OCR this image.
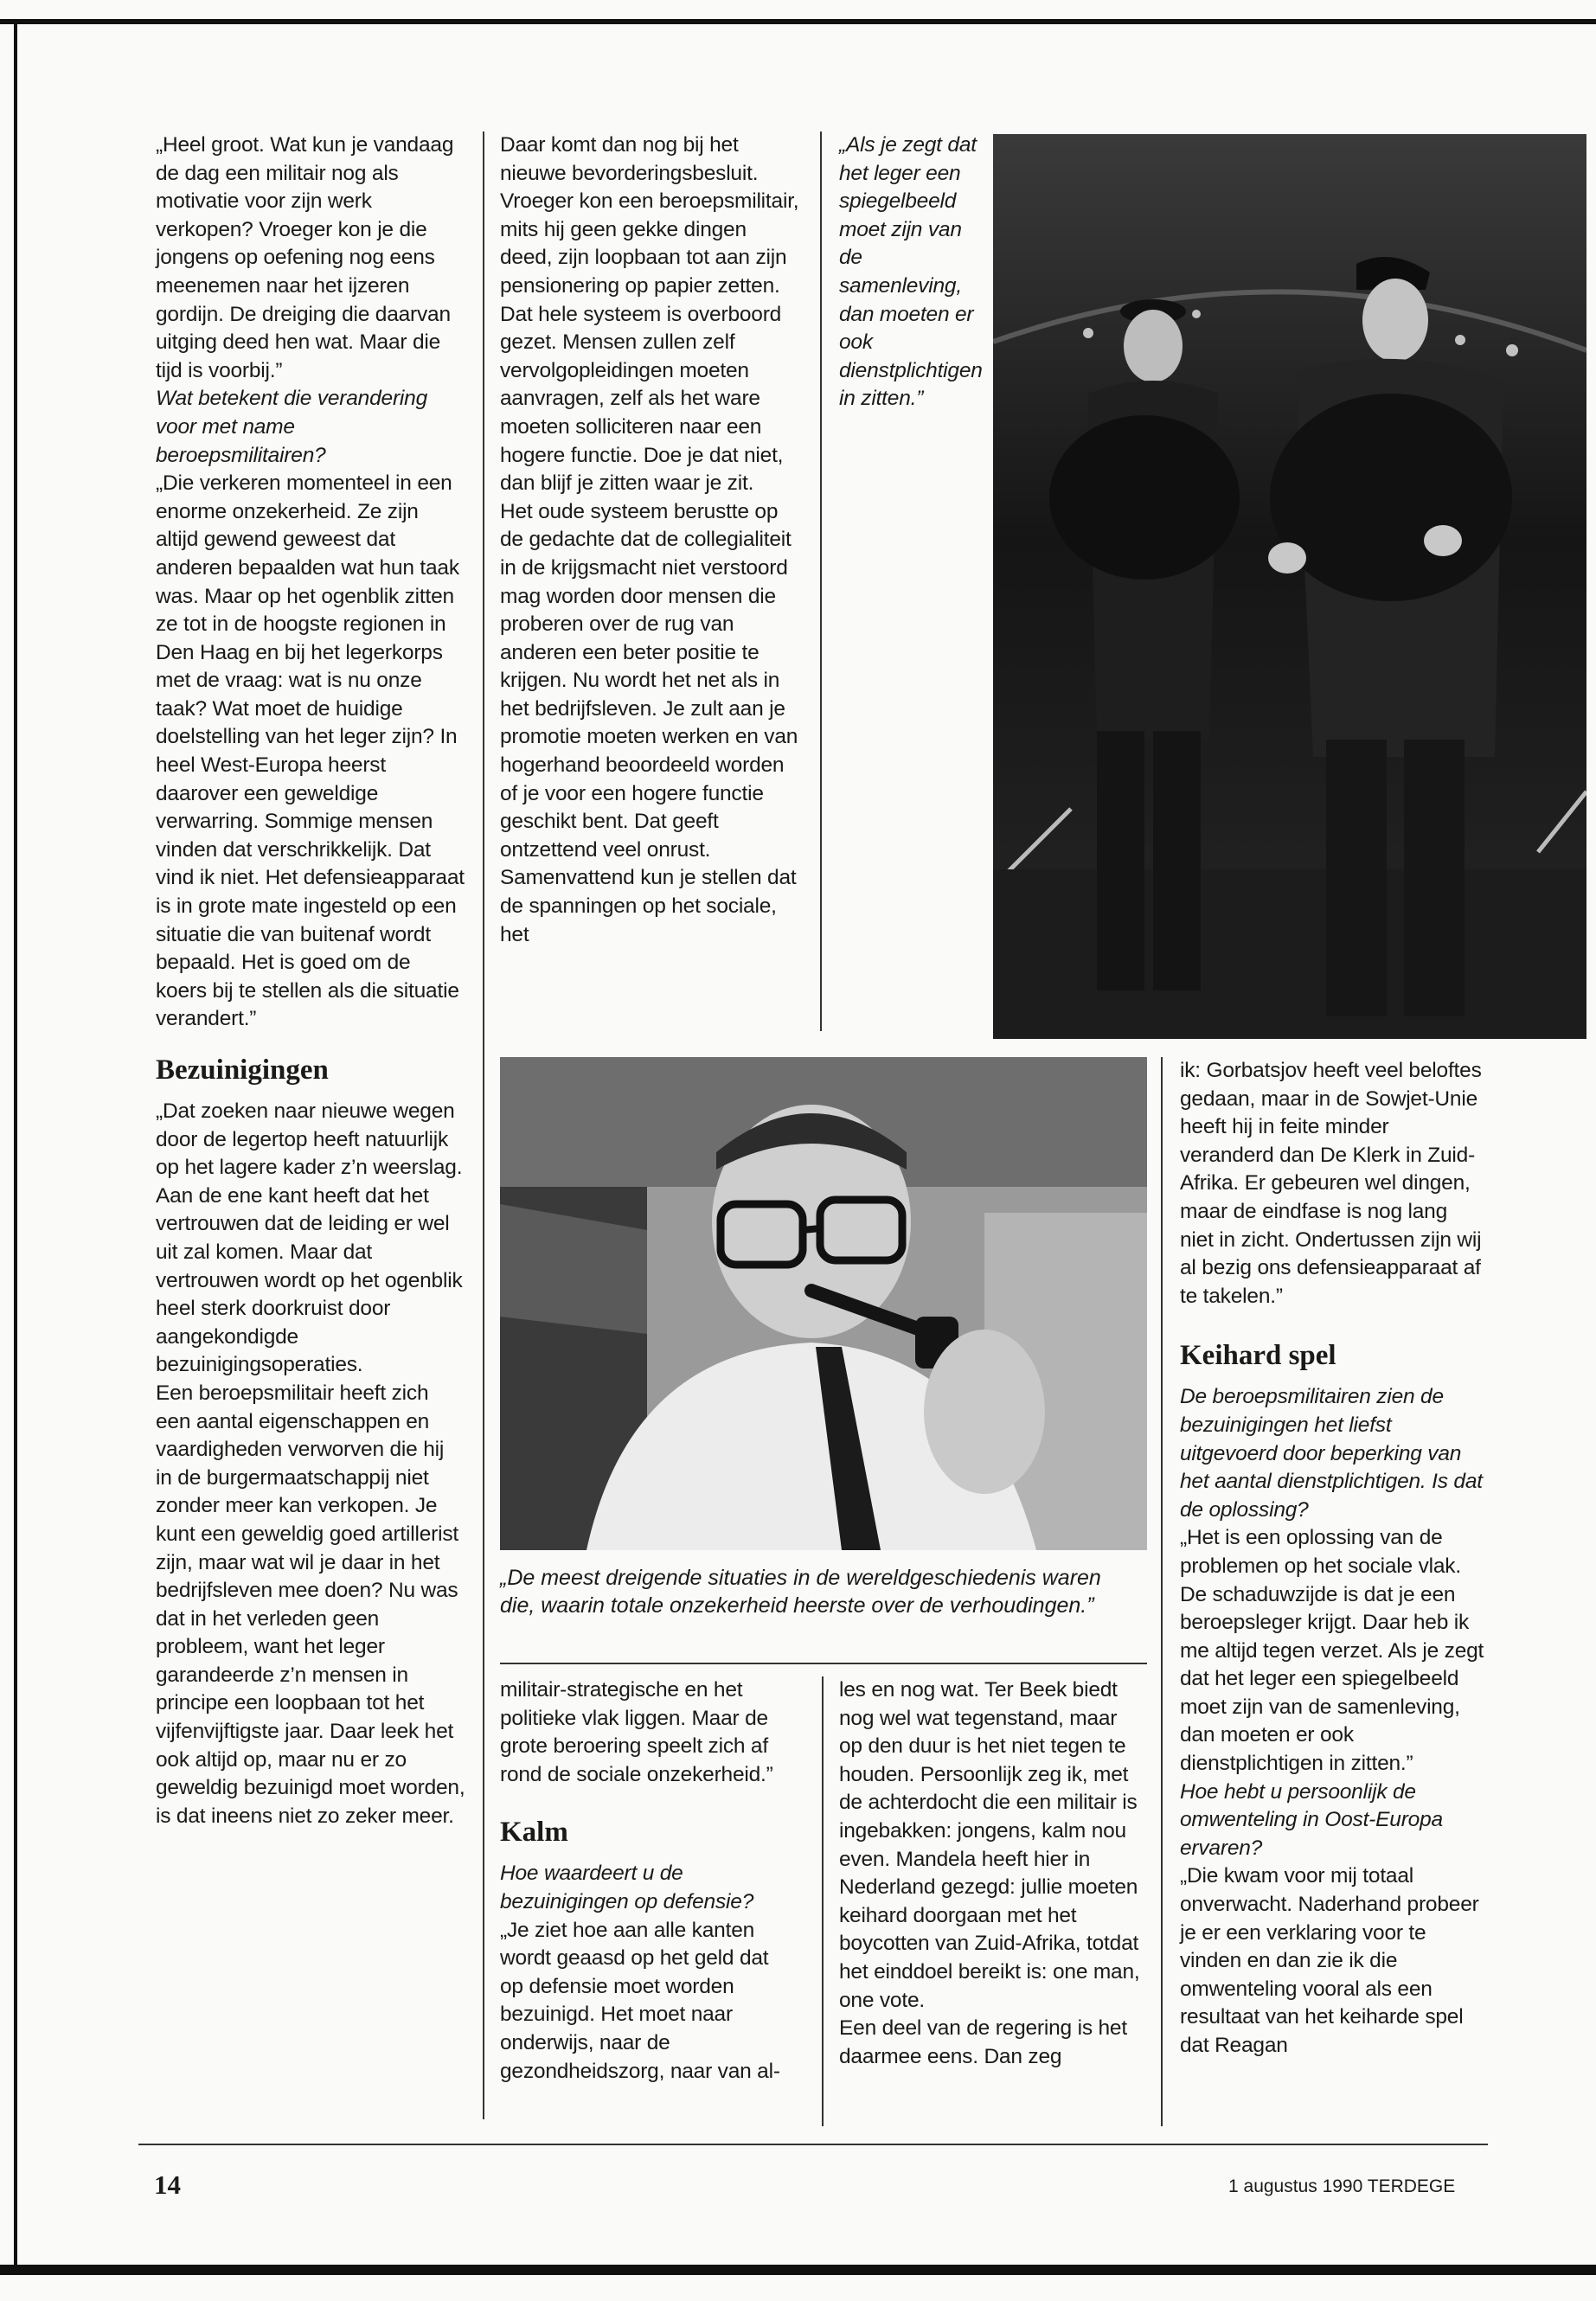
„Heel groot. Wat kun je vandaag de dag een militair nog als motivatie voor zijn werk verkopen? Vroeger kon je die jongens op oefening nog eens meenemen naar het ijzeren gordijn. De dreiging die daarvan uitging deed hen wat. Maar die tijd is voorbij.”

Wat betekent die verandering voor met name beroepsmilitairen?

„Die verkeren momenteel in een enorme onzekerheid. Ze zijn altijd gewend geweest dat anderen bepaalden wat hun taak was. Maar op het ogenblik zitten ze tot in de hoogste regionen in Den Haag en bij het legerkorps met de vraag: wat is nu onze taak? Wat moet de huidige doelstelling van het leger zijn? In heel West-Europa heerst daarover een geweldige verwarring. Sommige mensen vinden dat verschrikkelijk. Dat vind ik niet. Het defensieapparaat is in grote mate ingesteld op een situatie die van buitenaf wordt bepaald. Het is goed om de koers bij te stellen als die situatie verandert.”

Bezuinigingen

„Dat zoeken naar nieuwe wegen door de legertop heeft natuurlijk op het lagere kader z’n weerslag. Aan de ene kant heeft dat het vertrouwen dat de leiding er wel uit zal komen. Maar dat vertrouwen wordt op het ogenblik heel sterk doorkruist door aangekondigde bezuinigingsoperaties.

Een beroepsmilitair heeft zich een aantal eigenschappen en vaardigheden verworven die hij in de burgermaatschappij niet zonder meer kan verkopen. Je kunt een geweldig goed artillerist zijn, maar wat wil je daar in het bedrijfsleven mee doen? Nu was dat in het verleden geen probleem, want het leger garandeerde z’n mensen in principe een loopbaan tot het vijfenvijftigste jaar. Daar leek het ook altijd op, maar nu er zo geweldig bezuinigd moet worden, is dat ineens niet zo zeker meer.

Daar komt dan nog bij het nieuwe bevorderingsbesluit. Vroeger kon een beroepsmilitair, mits hij geen gekke dingen deed, zijn loopbaan tot aan zijn pensionering op papier zetten. Dat hele systeem is overboord gezet. Mensen zullen zelf vervolgopleidingen moeten aanvragen, zelf als het ware moeten solliciteren naar een hogere functie. Doe je dat niet, dan blijf je zitten waar je zit.

Het oude systeem berustte op de gedachte dat de collegialiteit in de krijgsmacht niet verstoord mag worden door mensen die proberen over de rug van anderen een beter positie te krijgen. Nu wordt het net als in het bedrijfsleven. Je zult aan je promotie moeten werken en van hogerhand beoordeeld worden of je voor een hogere functie geschikt bent. Dat geeft ontzettend veel onrust. Samenvattend kun je stellen dat de spanningen op het sociale, het

„Als je zegt dat het leger een spiegelbeeld moet zijn van de samenleving, dan moeten er ook dienstplichtigen in zitten.”

„De meest dreigende situaties in de wereldgeschiedenis waren die, waarin totale onzekerheid heerste over de verhoudingen.”

militair-strategische en het politieke vlak liggen. Maar de grote beroering speelt zich af rond de sociale onzekerheid.”

Kalm

Hoe waardeert u de bezuinigingen op defensie?

„Je ziet hoe aan alle kanten wordt geaasd op het geld dat op defensie moet worden bezuinigd. Het moet naar onderwijs, naar de gezondheidszorg, naar van al-

les en nog wat. Ter Beek biedt nog wel wat tegenstand, maar op den duur is het niet tegen te houden. Persoonlijk zeg ik, met de achterdocht die een militair is ingebakken: jongens, kalm nou even. Mandela heeft hier in Nederland gezegd: jullie moeten keihard doorgaan met het boycotten van Zuid-Afrika, totdat het einddoel bereikt is: one man, one vote.

Een deel van de regering is het daarmee eens. Dan zeg

ik: Gorbatsjov heeft veel beloftes gedaan, maar in de Sowjet-Unie heeft hij in feite minder veranderd dan De Klerk in Zuid-Afrika. Er gebeuren wel dingen, maar de eindfase is nog lang niet in zicht. Ondertussen zijn wij al bezig ons defensieapparaat af te takelen.”

Keihard spel

De beroepsmilitairen zien de bezuinigingen het liefst uitgevoerd door beperking van het aantal dienstplichtigen. Is dat de oplossing?

„Het is een oplossing van de problemen op het sociale vlak. De schaduwzijde is dat je een beroepsleger krijgt. Daar heb ik me altijd tegen verzet. Als je zegt dat het leger een spiegelbeeld moet zijn van de samenleving, dan moeten er ook dienstplichtigen in zitten.”

Hoe hebt u persoonlijk de omwenteling in Oost-Europa ervaren?

„Die kwam voor mij totaal onverwacht. Naderhand probeer je er een verklaring voor te vinden en dan zie ik die omwenteling vooral als een resultaat van het keiharde spel dat Reagan

14	1 augustus 1990 TERDEGE
